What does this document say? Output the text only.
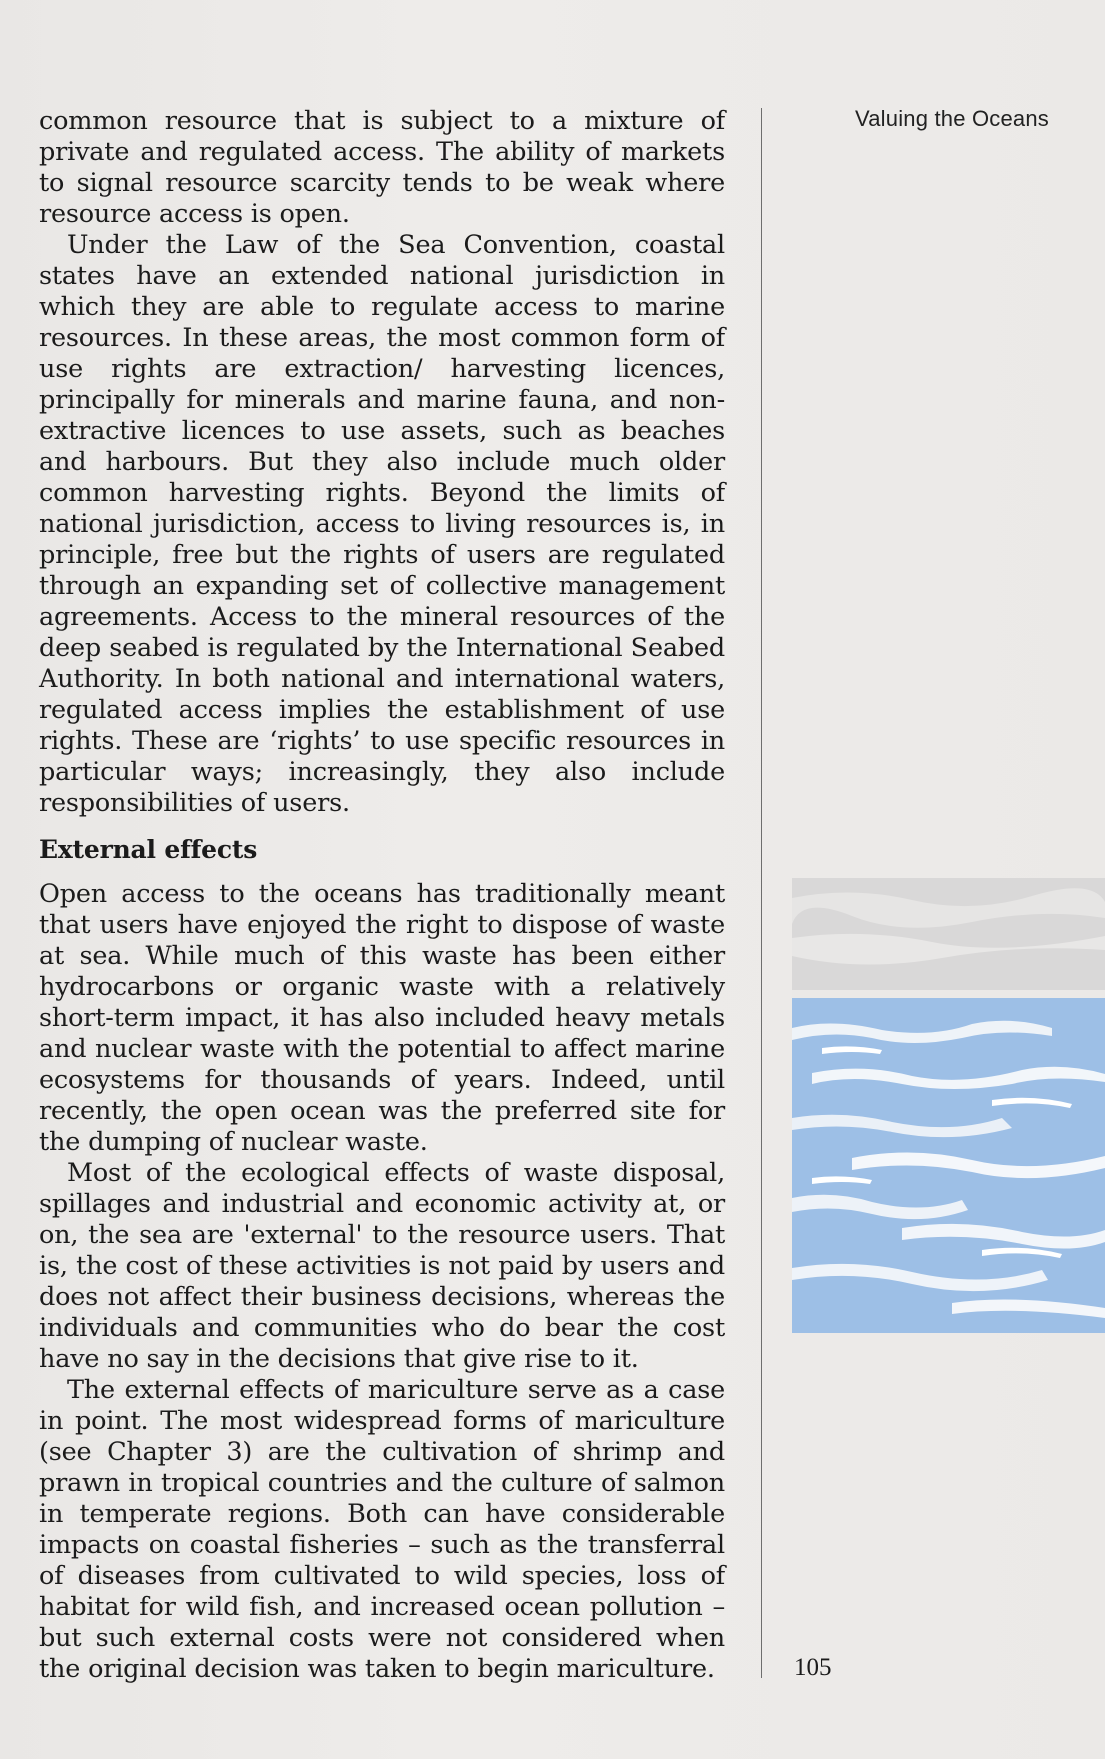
common resource that is subject to a mixture of private and regulated access. The ability of markets to signal resource scarcity tends to be weak where resource access is open.

Under the Law of the Sea Convention, coastal states have an extended national jurisdiction in which they are able to regulate access to marine resources. In these areas, the most common form of use rights are extraction/ harvesting licences, principally for minerals and marine fauna, and non-extractive licences to use assets, such as beaches and harbours. But they also include much older common harvesting rights. Beyond the limits of national jurisdiction, access to living resources is, in principle, free but the rights of users are regulated through an expanding set of collective management agreements. Access to the mineral resources of the deep seabed is regulated by the International Seabed Authority. In both national and international waters, regulated access implies the establishment of use rights. These are ‘rights’ to use specific resources in particular ways; increasingly, they also include responsibilities of users.

External effects

Open access to the oceans has traditionally meant that users have enjoyed the right to dispose of waste at sea. While much of this waste has been either hydrocarbons or organic waste with a relatively short-term impact, it has also included heavy metals and nuclear waste with the potential to affect marine ecosystems for thousands of years. Indeed, until recently, the open ocean was the preferred site for the dumping of nuclear waste.

Most of the ecological effects of waste disposal, spillages and industrial and economic activity at, or on, the sea are 'external' to the resource users. That is, the cost of these activities is not paid by users and does not affect their business decisions, whereas the individuals and communities who do bear the cost have no say in the decisions that give rise to it.

The external effects of mariculture serve as a case in point. The most widespread forms of mariculture (see Chapter 3) are the cultivation of shrimp and prawn in tropical countries and the culture of salmon in temperate regions. Both can have considerable impacts on coastal fisheries – such as the transferral of diseases from cultivated to wild species, loss of habitat for wild fish, and increased ocean pollution – but such external costs were not considered when the original decision was taken to begin mariculture.

Valuing the Oceans
105
